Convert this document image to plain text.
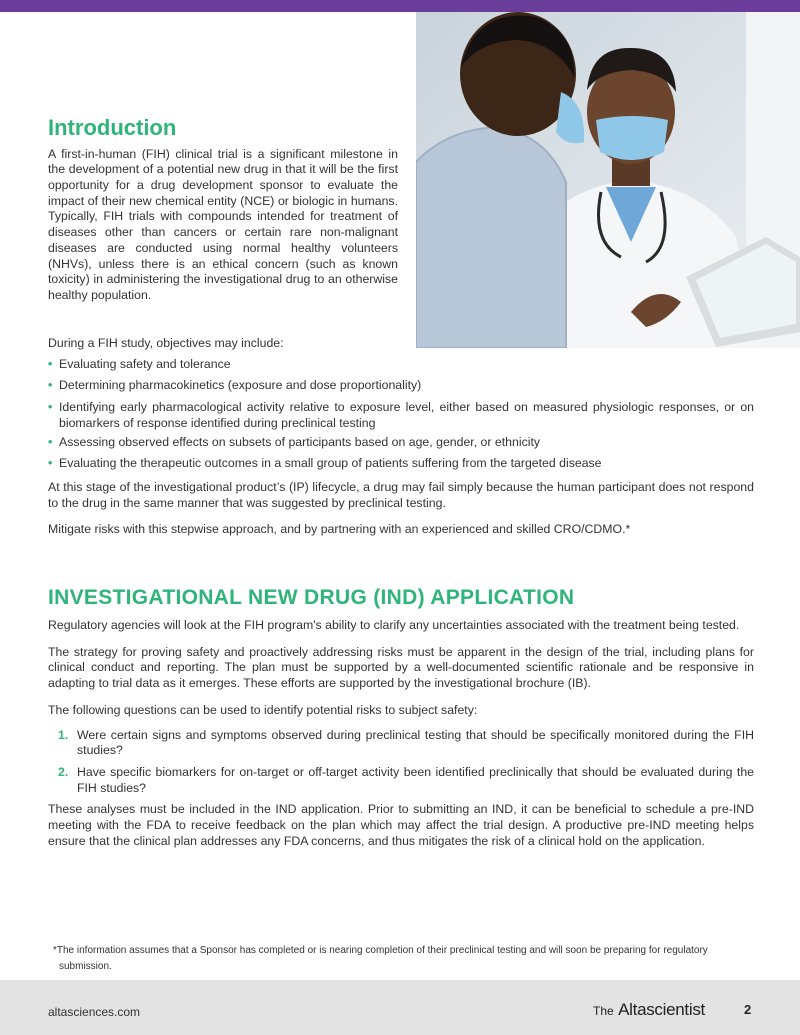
Introduction

A first-in-human (FIH) clinical trial is a significant milestone in the development of a potential new drug in that it will be the first opportunity for a drug development sponsor to evaluate the impact of their new chemical entity (NCE) or biologic in humans. Typically, FIH trials with compounds intended for treatment of diseases other than cancers or certain rare non-malignant diseases are conducted using normal healthy volunteers (NHVs), unless there is an ethical concern (such as known toxicity) in administering the investigational drug to an otherwise healthy population.

During a FIH study, objectives may include:

• Evaluating safety and tolerance
• Determining pharmacokinetics (exposure and dose proportionality)
• Identifying early pharmacological activity relative to exposure level, either based on measured physiologic responses, or on biomarkers of response identified during preclinical testing
• Assessing observed effects on subsets of participants based on age, gender, or ethnicity
• Evaluating the therapeutic outcomes in a small group of patients suffering from the targeted disease

At this stage of the investigational product’s (IP) lifecycle, a drug may fail simply because the human participant does not respond to the drug in the same manner that was suggested by preclinical testing.

Mitigate risks with this stepwise approach, and by partnering with an experienced and skilled CRO/CDMO.*

INVESTIGATIONAL NEW DRUG (IND) APPLICATION

Regulatory agencies will look at the FIH program's ability to clarify any uncertainties associated with the treatment being tested.

The strategy for proving safety and proactively addressing risks must be apparent in the design of the trial, including plans for clinical conduct and reporting. The plan must be supported by a well-documented scientific rationale and be responsive in adapting to trial data as it emerges. These efforts are supported by the investigational brochure (IB).

The following questions can be used to identify potential risks to subject safety:

1. Were certain signs and symptoms observed during preclinical testing that should be specifically monitored during the FIH studies?
2. Have specific biomarkers for on-target or off-target activity been identified preclinically that should be evaluated during the FIH studies?

These analyses must be included in the IND application. Prior to submitting an IND, it can be beneficial to schedule a pre-IND meeting with the FDA to receive feedback on the plan which may affect the trial design. A productive pre-IND meeting helps ensure that the clinical plan addresses any FDA concerns, and thus mitigates the risk of a clinical hold on the application.

*The information assumes that a Sponsor has completed or is nearing completion of their preclinical testing and will soon be preparing for regulatory submission.
altasciences.com	The Altascientist	2
